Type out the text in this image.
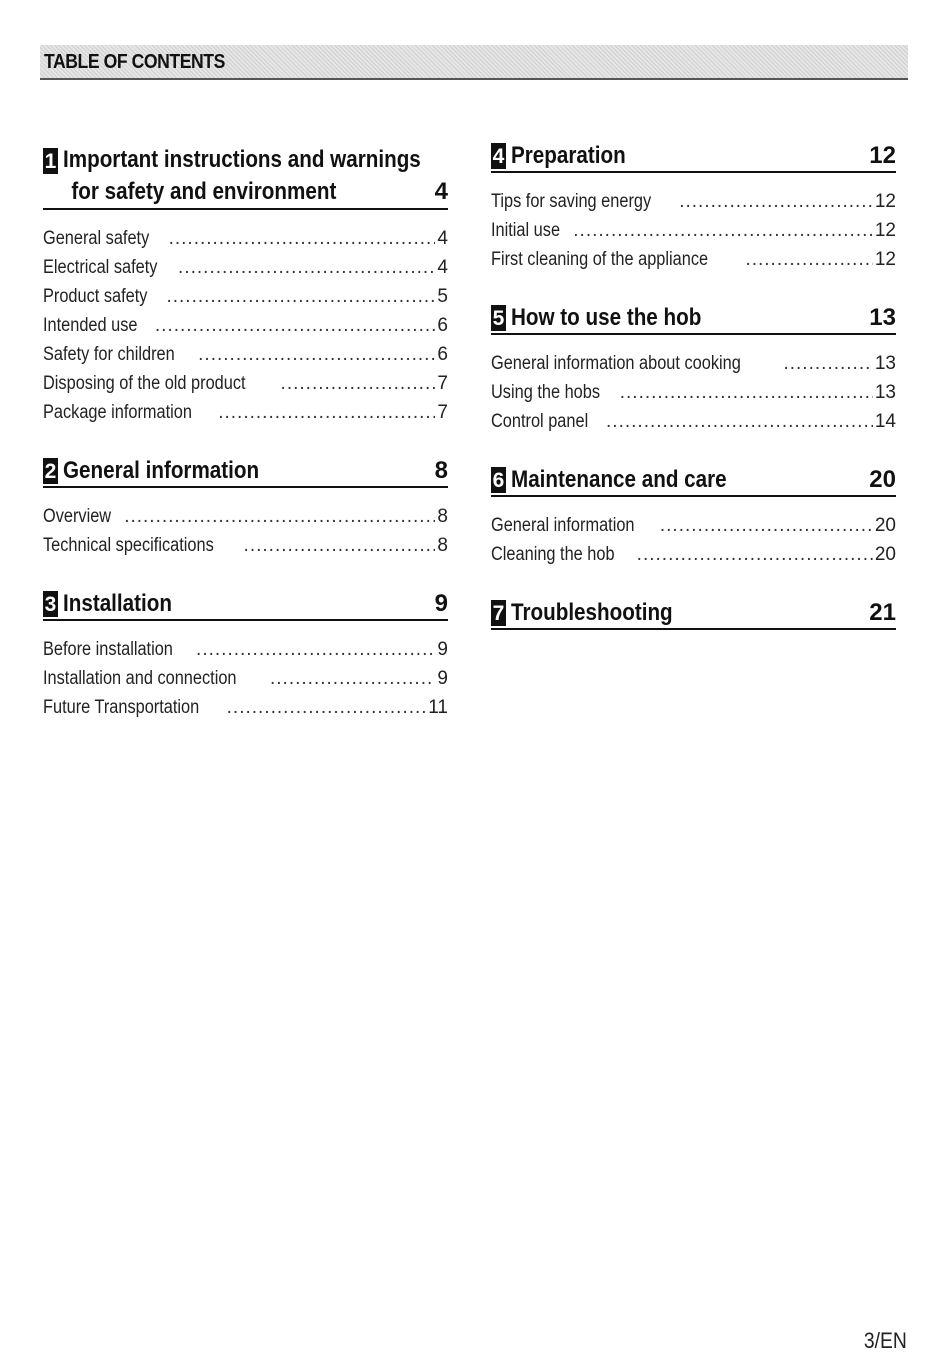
TABLE OF CONTENTS
1 Important instructions and warnings
for safety and environment	4
General safety .....	4
Electrical safety .....	4
Product safety .....	5
Intended use .....	6
Safety for children .....	6
Disposing of the old product .....	7
Package information .....	7
2 General information	8
Overview .....	8
Technical specifications .....	8
3 Installation	9
Before installation .....	9
Installation and connection .....	9
Future Transportation .....	11
4 Preparation	12
Tips for saving energy .....	12
Initial use .....	12
First cleaning of the appliance .....	12
5 How to use the hob	13
General information about cooking .....	13
Using the hobs .....	13
Control panel .....	14
6 Maintenance and care	20
General information .....	20
Cleaning the hob .....	20
7 Troubleshooting	21
3/EN
